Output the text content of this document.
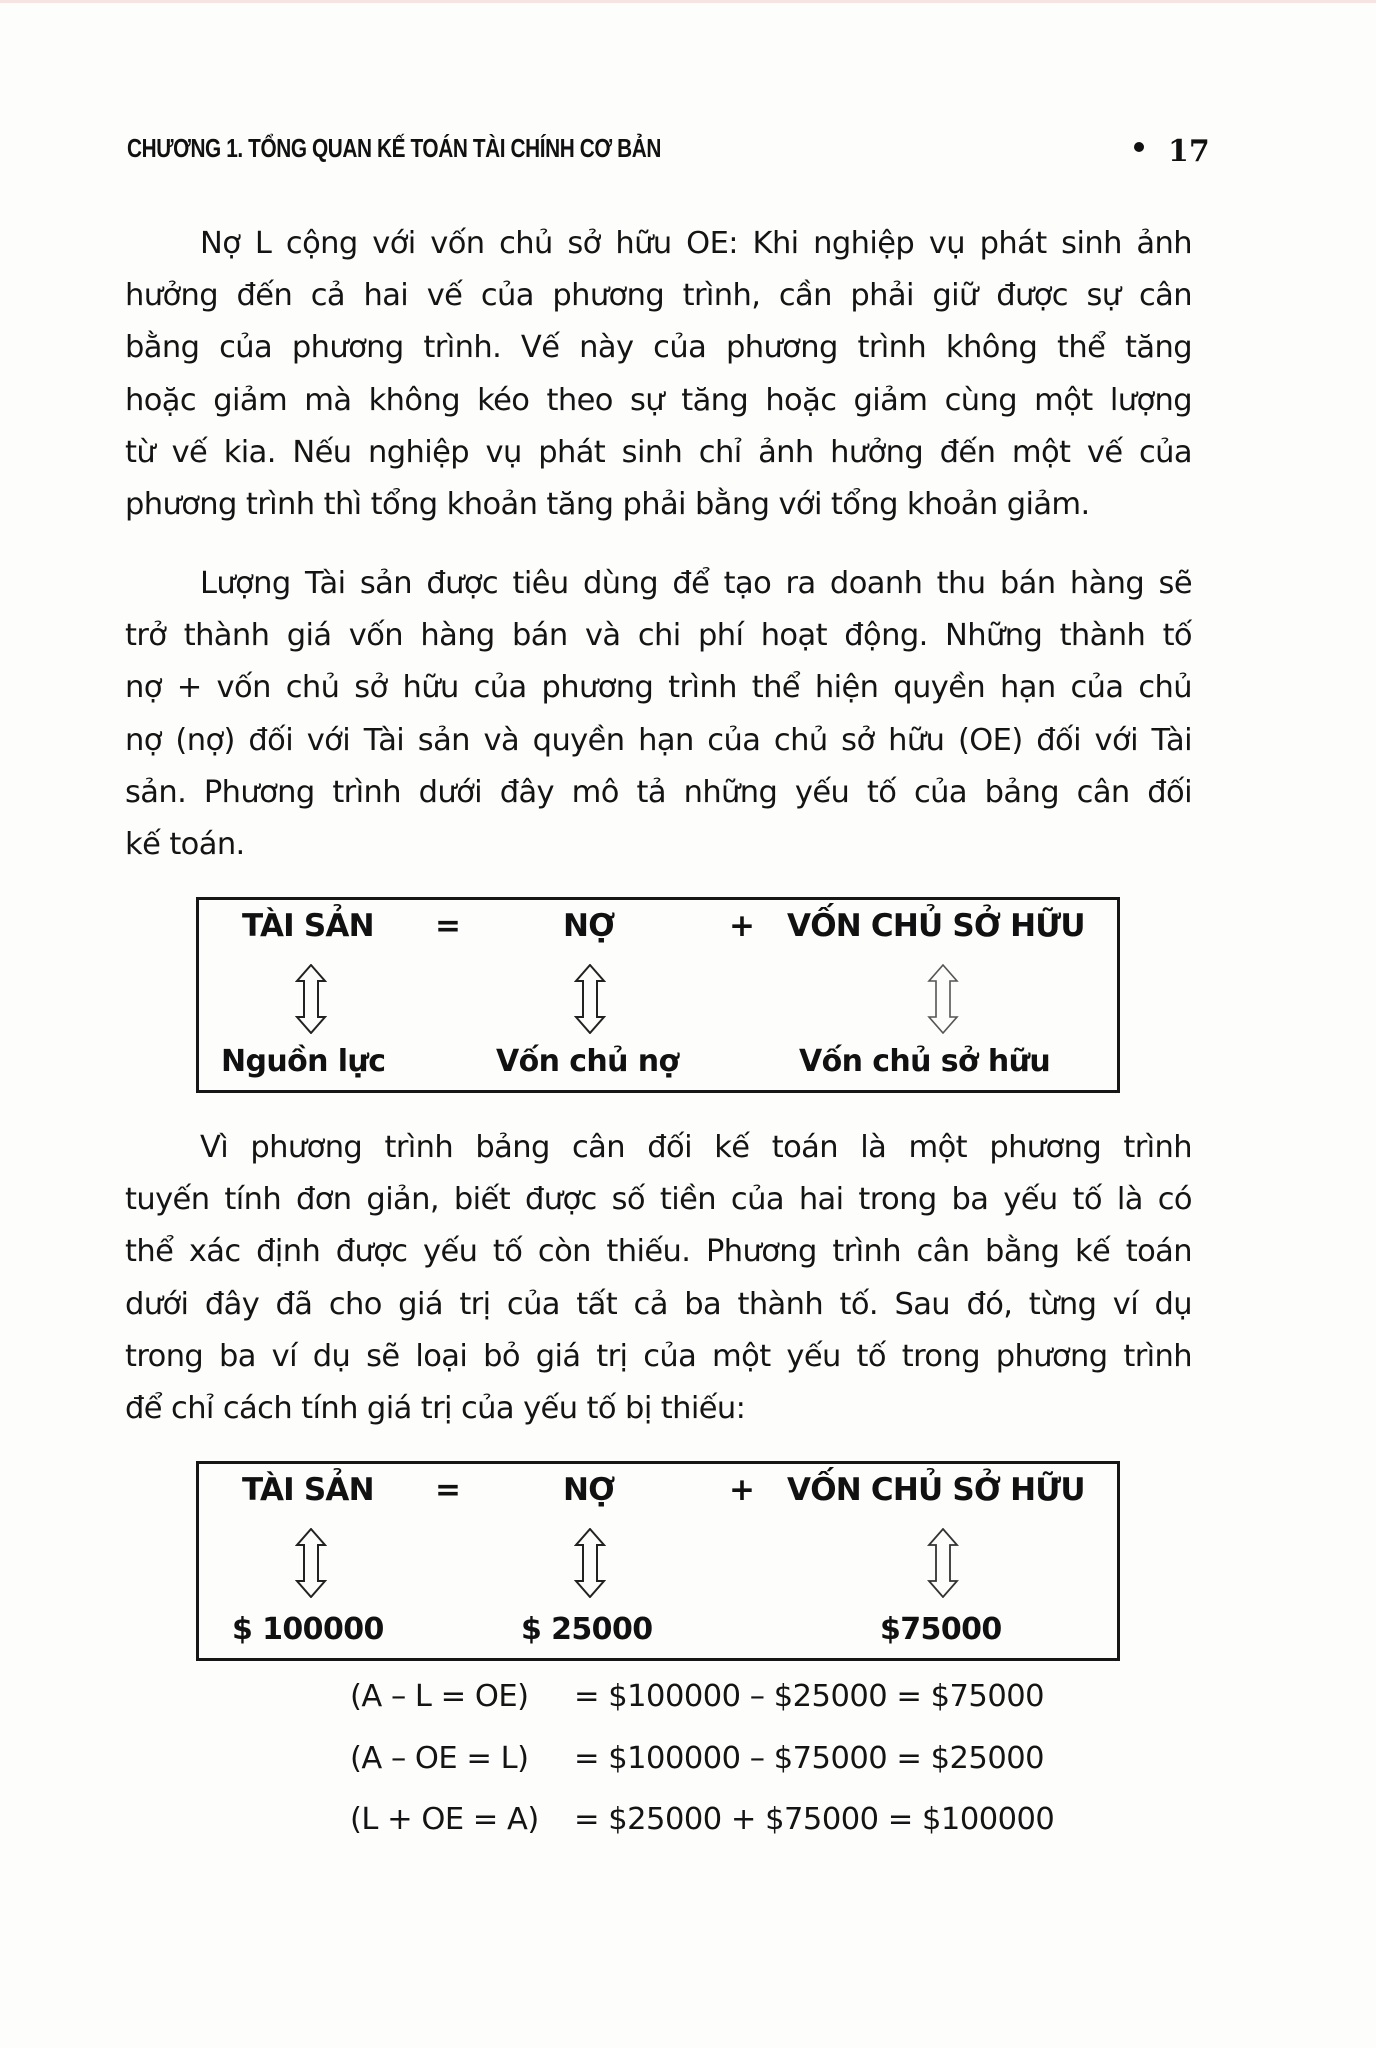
CHƯƠNG 1. TỔNG QUAN KẾ TOÁN TÀI CHÍNH CƠ BẢN	17
Nợ L cộng với vốn chủ sở hữu OE: Khi nghiệp vụ phát sinh ảnh
hưởng đến cả hai vế của phương trình, cần phải giữ được sự cân
bằng của phương trình. Vế này của phương trình không thể tăng
hoặc giảm mà không kéo theo sự tăng hoặc giảm cùng một lượng
từ vế kia. Nếu nghiệp vụ phát sinh chỉ ảnh hưởng đến một vế của
phương trình thì tổng khoản tăng phải bằng với tổng khoản giảm.
Lượng Tài sản được tiêu dùng để tạo ra doanh thu bán hàng sẽ
trở thành giá vốn hàng bán và chi phí hoạt động. Những thành tố
nợ + vốn chủ sở hữu của phương trình thể hiện quyền hạn của chủ
nợ (nợ) đối với Tài sản và quyền hạn của chủ sở hữu (OE) đối với Tài
sản. Phương trình dưới đây mô tả những yếu tố của bảng cân đối
kế toán.
TÀI SẢN =	NỢ	+ VỐN CHỦ SỞ HỮU
Nguồn lực	Vốn chủ nợ	Vốn chủ sở hữu
Vì phương trình bảng cân đối kế toán là một phương trình
tuyến tính đơn giản, biết được số tiền của hai trong ba yếu tố là có
thể xác định được yếu tố còn thiếu. Phương trình cân bằng kế toán
dưới đây đã cho giá trị của tất cả ba thành tố. Sau đó, từng ví dụ
trong ba ví dụ sẽ loại bỏ giá trị của một yếu tố trong phương trình
để chỉ cách tính giá trị của yếu tố bị thiếu:
TÀI SẢN =	NỢ	+ VỐN CHỦ SỞ HỮU
$ 100000	$ 25000	$75000
(A – L = OE) = $100000 – $25000 = $75000
(A – OE = L) = $100000 – $75000 = $25000
(L + OE = A) = $25000 + $75000 = $100000
